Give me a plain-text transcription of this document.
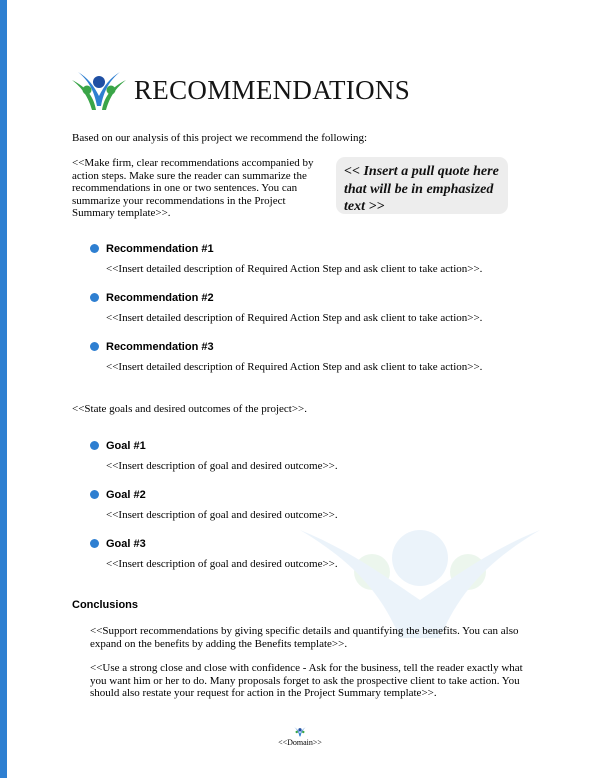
RECOMMENDATIONS
Based on our analysis of this project we recommend the following:
<<Make firm, clear recommendations accompanied by action steps. Make sure the reader can summarize the recommendations in one or two sentences. You can summarize your recommendations in the Project Summary template>>.
<< Insert a pull quote here that will be in emphasized text >>
Recommendation #1
<<Insert detailed description of Required Action Step and ask client to take action>>.
Recommendation #2
<<Insert detailed description of Required Action Step and ask client to take action>>.
Recommendation #3
<<Insert detailed description of Required Action Step and ask client to take action>>.
<<State goals and desired outcomes of the project>>.
Goal #1
<<Insert description of goal and desired outcome>>.
Goal #2
<<Insert description of goal and desired outcome>>.
Goal #3
<<Insert description of goal and desired outcome>>.
Conclusions
<<Support recommendations by giving specific details and quantifying the benefits. You can also expand on the benefits by adding the Benefits template>>.
<<Use a strong close and close with confidence - Ask for the business, tell the reader exactly what you want him or her to do. Many proposals forget to ask the prospective client to take action. You should also restate your request for action in the Project Summary template>>.
<<Domain>>
